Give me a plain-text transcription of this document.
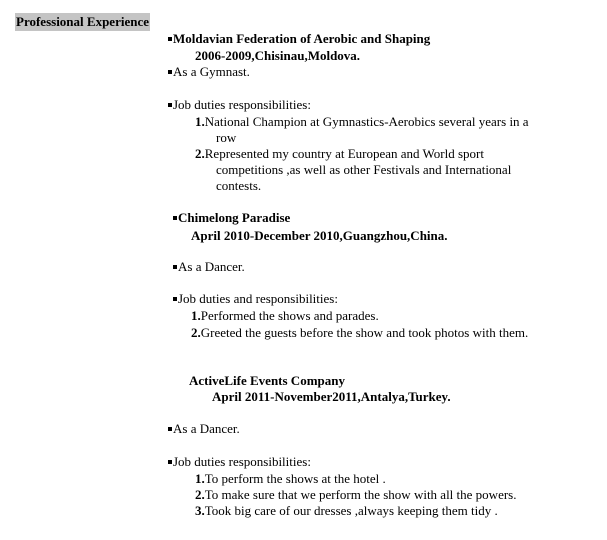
Professional Experience
Moldavian Federation of Aerobic and Shaping
2006-2009,Chisinau,Moldova.
As a Gymnast.
Job duties responsibilities:
1.National Champion at Gymnastics-Aerobics several years in a
row
2.Represented my country at European and World sport
competitions ,as well as other Festivals and International
contests.
Chimelong Paradise
April 2010-December 2010,Guangzhou,China.
As a Dancer.
Job duties and responsibilities:
1.Performed the shows and parades.
2.Greeted the guests before the show and took photos with them.
ActiveLife Events Company
April 2011-November2011,Antalya,Turkey.
As a Dancer.
Job duties responsibilities:
1.To perform the shows at the hotel .
2.To make sure that we perform the show with all the powers.
3.Took big care of our dresses ,always keeping them tidy .
